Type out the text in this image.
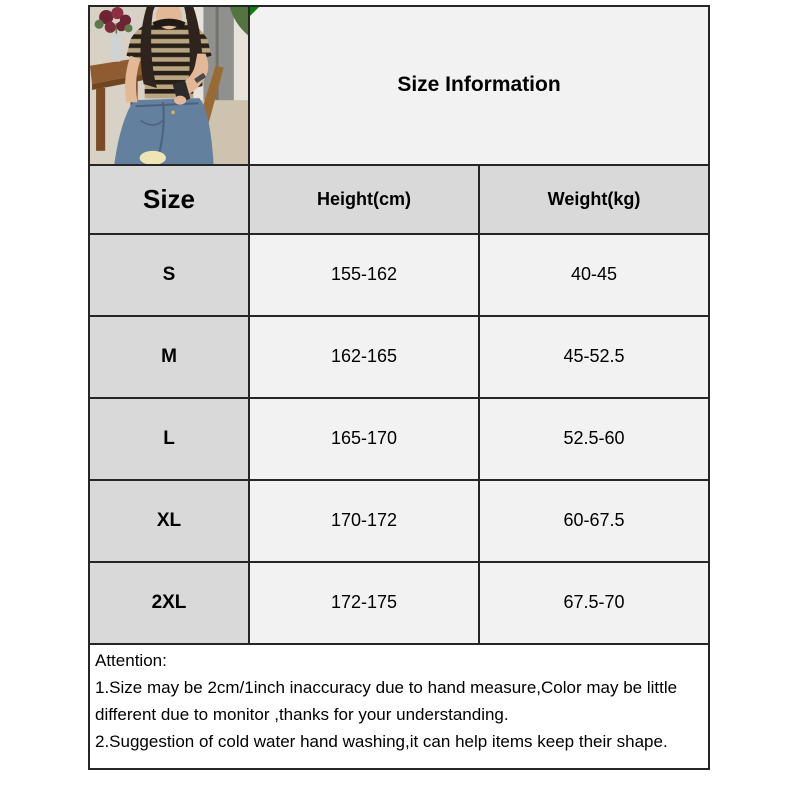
Size Information	
Size	Height(cm)	Weight(kg)
S	155-162	40-45
M	162-165	45-52.5
L	165-170	52.5-60
XL	170-172	60-67.5
2XL	172-175	67.5-70

Attention:
1.Size may be 2cm/1inch inaccuracy due to hand measure,Color may be little different due to monitor ,thanks for your understanding.
2.Suggestion of cold water hand washing,it can help items keep their shape.		
